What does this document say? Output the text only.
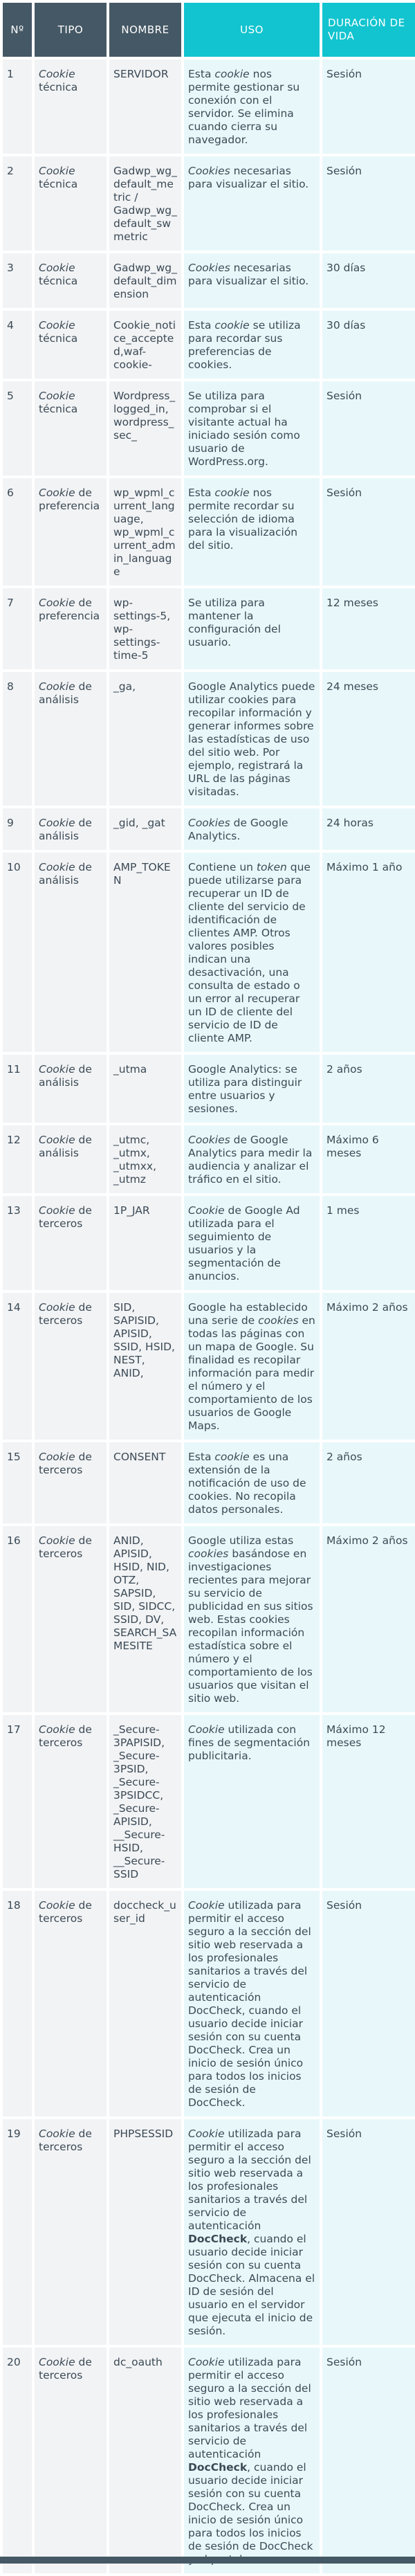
Nº	TIPO	NOMBRE	USO	DURACIÓN DE VIDA
1	Cookie técnica	SERVIDOR	Esta cookie nos permite gestionar su conexión con el servidor. Se elimina cuando cierra su navegador.	Sesión
2	Cookie técnica	Gadwp_wg_default_metric / Gadwp_wg_default_swmetric	Cookies necesarias para visualizar el sitio.	Sesión
3	Cookie técnica	Gadwp_wg_default_dimension	Cookies necesarias para visualizar el sitio.	30 días
4	Cookie técnica	Cookie_notice_accepted,waf-cookie-	Esta cookie se utiliza para recordar sus preferencias de cookies.	30 días
5	Cookie técnica	Wordpress_logged_in, wordpress_sec_	Se utiliza para comprobar si el visitante actual ha iniciado sesión como usuario de WordPress.org.	Sesión
6	Cookie de preferencia	wp_wpml_current_language, wp_wpml_current_admin_language	Esta cookie nos permite recordar su selección de idioma para la visualización del sitio.	Sesión
7	Cookie de preferencia	wp-settings-5, wp-settings-time-5	Se utiliza para mantener la configuración del usuario.	12 meses
8	Cookie de análisis	_ga,	Google Analytics puede utilizar cookies para recopilar información y generar informes sobre las estadísticas de uso del sitio web. Por ejemplo, registrará la URL de las páginas visitadas.	24 meses
9	Cookie de análisis	_gid, _gat	Cookies de Google Analytics.	24 horas
10	Cookie de análisis	AMP_TOKEN	Contiene un token que puede utilizarse para recuperar un ID de cliente del servicio de identificación de clientes AMP. Otros valores posibles indican una desactivación, una consulta de estado o un error al recuperar un ID de cliente del servicio de ID de cliente AMP.	Máximo 1 año
11	Cookie de análisis	_utma	Google Analytics: se utiliza para distinguir entre usuarios y sesiones.	2 años
12	Cookie de análisis	_utmc, _utmx, _utmxx, _utmz	Cookies de Google Analytics para medir la audiencia y analizar el tráfico en el sitio.	Máximo 6 meses
13	Cookie de terceros	1P_JAR	Cookie de Google Ad utilizada para el seguimiento de usuarios y la segmentación de anuncios.	1 mes
14	Cookie de terceros	SID, SAPISID, APISID, SSID, HSID, NEST, ANID,	Google ha establecido una serie de cookies en todas las páginas con un mapa de Google. Su finalidad es recopilar información para medir el número y el comportamiento de los usuarios de Google Maps.	Máximo 2 años
15	Cookie de terceros	CONSENT	Esta cookie es una extensión de la notificación de uso de cookies. No recopila datos personales.	2 años
16	Cookie de terceros	ANID, APISID, HSID, NID, OTZ, SAPSID, SID, SIDCC, SSID, DV, SEARCH_SAMESITE	Google utiliza estas cookies basándose en investigaciones recientes para mejorar su servicio de publicidad en sus sitios web. Estas cookies recopilan información estadística sobre el número y el comportamiento de los usuarios que visitan el sitio web.	Máximo 2 años
17	Cookie de terceros	_Secure-3PAPISID, _Secure-3PSID, _Secure-3PSIDCC, _Secure-APISID, __Secure-HSID, __Secure-SSID	Cookie utilizada con fines de segmentación publicitaria.	Máximo 12 meses
18	Cookie de terceros	doccheck_user_id	Cookie utilizada para permitir el acceso seguro a la sección del sitio web reservada a los profesionales sanitarios a través del servicio de autenticación DocCheck, cuando el usuario decide iniciar sesión con su cuenta DocCheck. Crea un inicio de sesión único para todos los inicios de sesión de DocCheck.	Sesión
19	Cookie de terceros	PHPSESSID	Cookie utilizada para permitir el acceso seguro a la sección del sitio web reservada a los profesionales sanitarios a través del servicio de autenticación DocCheck, cuando el usuario decide iniciar sesión con su cuenta DocCheck. Almacena el ID de sesión del usuario en el servidor que ejecuta el inicio de sesión.	Sesión
20	Cookie de terceros	dc_oauth	Cookie utilizada para permitir el acceso seguro a la sección del sitio web reservada a los profesionales sanitarios a través del servicio de autenticación DocCheck, cuando el usuario decide iniciar sesión con su cuenta DocCheck. Crea un inicio de sesión único para todos los inicios de sesión de DocCheck	Sesión
